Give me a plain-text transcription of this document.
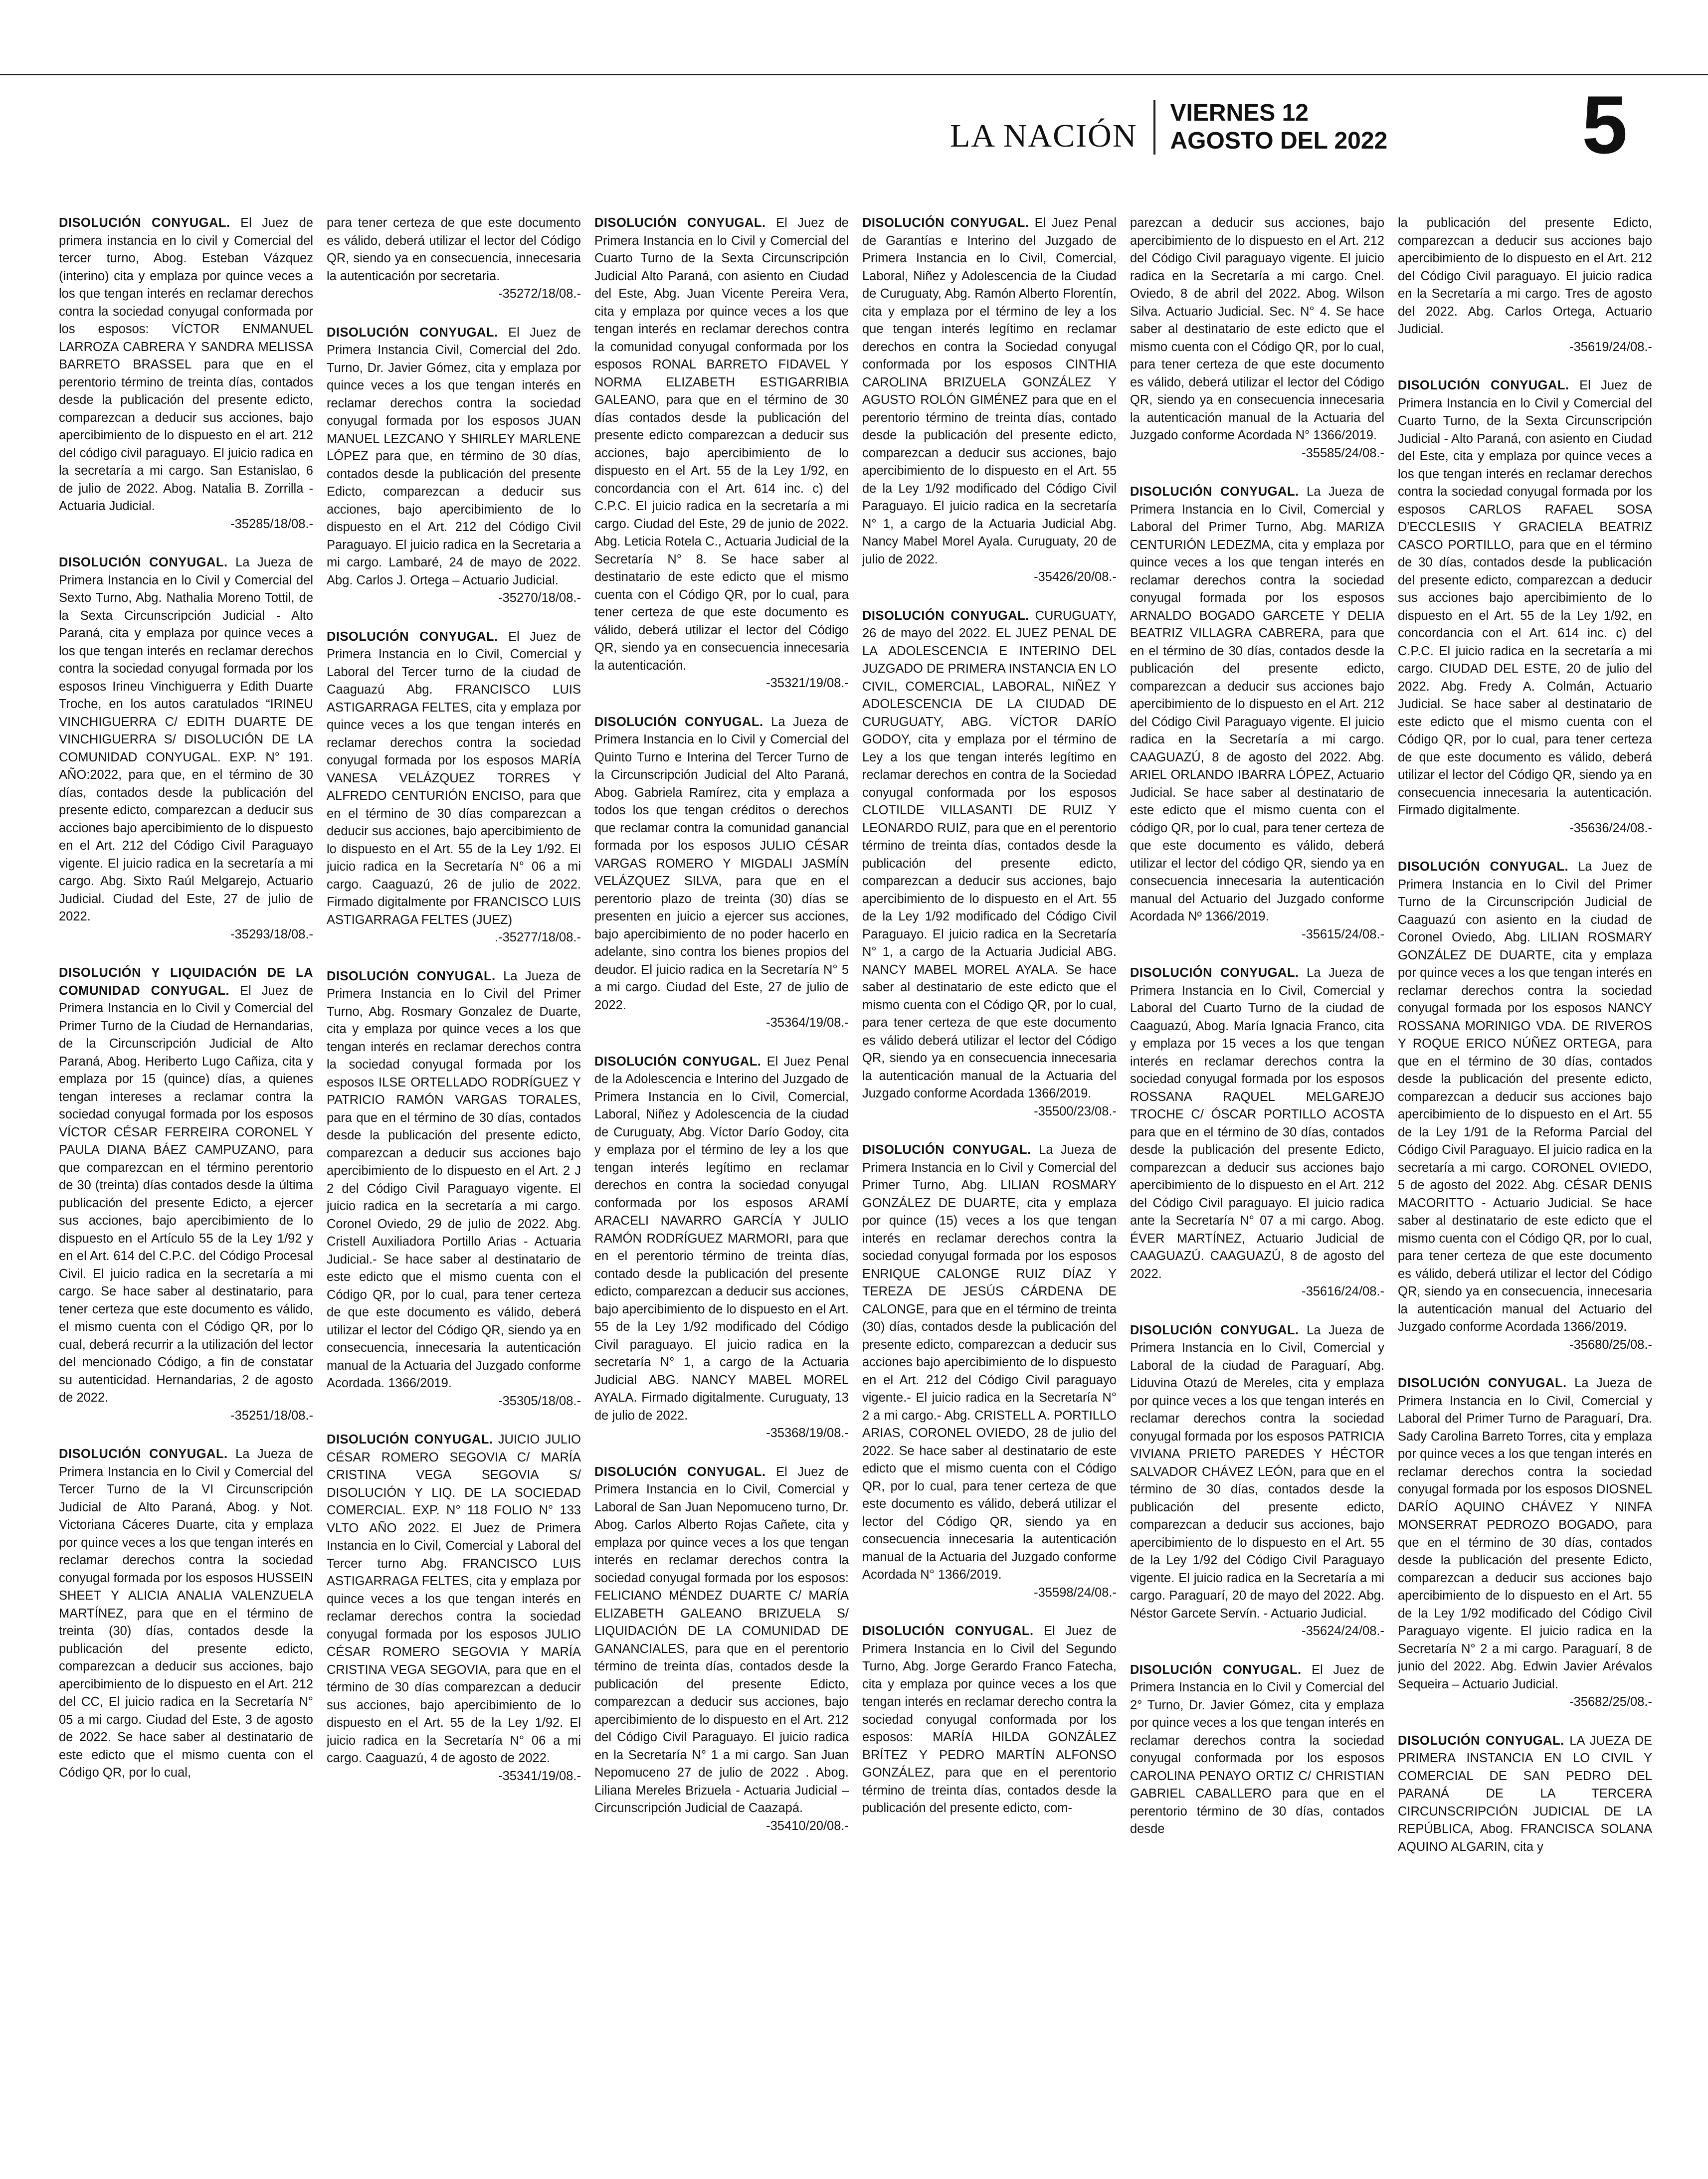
LA NACIÓN
VIERNES 12
AGOSTO DEL 2022 5
DISOLUCIÓN CONYUGAL. El Juez de primera instancia en lo civil y Comercial del tercer turno, Abog. Esteban Vázquez (interino) cita y emplaza por quince veces a los que tengan interés en reclamar derechos contra la sociedad conyugal conformada por los esposos: VÍCTOR ENMANUEL LARROZA CABRERA Y SANDRA MELISSA BARRETO BRASSEL para que en el perentorio término de treinta días, contados desde la publicación del presente edicto, comparezcan a deducir sus acciones, bajo apercibimiento de lo dispuesto en el art. 212 del código civil paraguayo. El juicio radica en la secretaría a mi cargo. San Estanislao, 6 de julio de 2022. Abog. Natalia B. Zorrilla - Actuaria Judicial.
-35285/18/08.-
DISOLUCIÓN CONYUGAL. La Jueza de Primera Instancia en lo Civil y Comercial del Sexto Turno, Abg. Nathalia Moreno Tottil, de la Sexta Circunscripción Judicial - Alto Paraná, cita y emplaza por quince veces a los que tengan interés en reclamar derechos contra la sociedad conyugal formada por los esposos Irineu Vinchiguerra y Edith Duarte Troche, en los autos caratulados “IRINEU VINCHIGUERRA C/ EDITH DUARTE DE VINCHIGUERRA S/ DISOLUCIÓN DE LA COMUNIDAD CONYUGAL. EXP. N° 191. AÑO:2022, para que, en el término de 30 días, contados desde la publicación del presente edicto, comparezcan a deducir sus acciones bajo apercibimiento de lo dispuesto en el Art. 212 del Código Civil Paraguayo vigente. El juicio radica en la secretaría a mi cargo. Abg. Sixto Raúl Melgarejo, Actuario Judicial. Ciudad del Este, 27 de julio de 2022.
-35293/18/08.-
DISOLUCIÓN Y LIQUIDACIÓN DE LA COMUNIDAD CONYUGAL. El Juez de Primera Instancia en lo Civil y Comercial del Primer Turno de la Ciudad de Hernandarias, de la Circunscripción Judicial de Alto Paraná, Abog. Heriberto Lugo Cañiza, cita y emplaza por 15 (quince) días, a quienes tengan intereses a reclamar contra la sociedad conyugal formada por los esposos VÍCTOR CÉSAR FERREIRA CORONEL Y PAULA DIANA BÁEZ CAMPUZANO, para que comparezcan en el término perentorio de 30 (treinta) días contados desde la última publicación del presente Edicto, a ejercer sus acciones, bajo apercibimiento de lo dispuesto en el Artículo 55 de la Ley 1/92 y en el Art. 614 del C.P.C. del Código Procesal Civil. El juicio radica en la secretaría a mi cargo. Se hace saber al destinatario, para tener certeza que este documento es válido, el mismo cuenta con el Código QR, por lo cual, deberá recurrir a la utilización del lector del mencionado Código, a fin de constatar su autenticidad. Hernandarias, 2 de agosto de 2022.
-35251/18/08.-
DISOLUCIÓN CONYUGAL. La Jueza de Primera Instancia en lo Civil y Comercial del Tercer Turno de la VI Circunscripción Judicial de Alto Paraná, Abog. y Not. Victoriana Cáceres Duarte, cita y emplaza por quince veces a los que tengan interés en reclamar derechos contra la sociedad conyugal formada por los esposos HUSSEIN SHEET Y ALICIA ANALIA VALENZUELA MARTÍNEZ, para que en el término de treinta (30) días, contados desde la publicación del presente edicto, comparezcan a deducir sus acciones, bajo apercibimiento de lo dispuesto en el Art. 212 del CC, El juicio radica en la Secretaría N° 05 a mi cargo. Ciudad del Este, 3 de agosto de 2022. Se hace saber al destinatario de este edicto que el mismo cuenta con el Código QR, por lo cual,
para tener certeza de que este documento es válido, deberá utilizar el lector del Código QR, siendo ya en consecuencia, innecesaria la autenticación por secretaria.
-35272/18/08.-
DISOLUCIÓN CONYUGAL. El Juez de Primera Instancia Civil, Comercial del 2do. Turno, Dr. Javier Gómez, cita y emplaza por quince veces a los que tengan interés en reclamar derechos contra la sociedad conyugal formada por los esposos JUAN MANUEL LEZCANO Y SHIRLEY MARLENE LÓPEZ para que, en término de 30 días, contados desde la publicación del presente Edicto, comparezcan a deducir sus acciones, bajo apercibimiento de lo dispuesto en el Art. 212 del Código Civil Paraguayo. El juicio radica en la Secretaria a mi cargo. Lambaré, 24 de mayo de 2022. Abg. Carlos J. Ortega – Actuario Judicial.
-35270/18/08.-
DISOLUCIÓN CONYUGAL. El Juez de Primera Instancia en lo Civil, Comercial y Laboral del Tercer turno de la ciudad de Caaguazú Abg. FRANCISCO LUIS ASTIGARRAGA FELTES, cita y emplaza por quince veces a los que tengan interés en reclamar derechos contra la sociedad conyugal formada por los esposos MARÍA VANESA VELÁZQUEZ TORRES Y ALFREDO CENTURIÓN ENCISO, para que en el término de 30 días comparezcan a deducir sus acciones, bajo apercibimiento de lo dispuesto en el Art. 55 de la Ley 1/92. El juicio radica en la Secretaría N° 06 a mi cargo. Caaguazú, 26 de julio de 2022. Firmado digitalmente por FRANCISCO LUIS ASTIGARRAGA FELTES (JUEZ)
.-35277/18/08.-
DISOLUCIÓN CONYUGAL. La Jueza de Primera Instancia en lo Civil del Primer Turno, Abg. Rosmary Gonzalez de Duarte, cita y emplaza por quince veces a los que tengan interés en reclamar derechos contra la sociedad conyugal formada por los esposos ILSE ORTELLADO RODRÍGUEZ Y PATRICIO RAMÓN VARGAS TORALES, para que en el término de 30 días, contados desde la publicación del presente edicto, comparezcan a deducir sus acciones bajo apercibimiento de lo dispuesto en el Art. 2 J 2 del Código Civil Paraguayo vigente. El juicio radica en la secretaría a mi cargo. Coronel Oviedo, 29 de julio de 2022. Abg. Cristell Auxiliadora Portillo Arias - Actuaria Judicial.- Se hace saber al destinatario de este edicto que el mismo cuenta con el Código QR, por lo cual, para tener certeza de que este documento es válido, deberá utilizar el lector del Código QR, siendo ya en consecuencia, innecesaria la autenticación manual de la Actuaria del Juzgado conforme Acordada. 1366/2019.
-35305/18/08.-
DISOLUCIÓN CONYUGAL. JUICIO JULIO CÉSAR ROMERO SEGOVIA C/ MARÍA CRISTINA VEGA SEGOVIA S/ DISOLUCIÓN Y LIQ. DE LA SOCIEDAD COMERCIAL. EXP. N° 118 FOLIO N° 133 VLTO AÑO 2022. El Juez de Primera Instancia en lo Civil, Comercial y Laboral del Tercer turno Abg. FRANCISCO LUIS ASTIGARRAGA FELTES, cita y emplaza por quince veces a los que tengan interés en reclamar derechos contra la sociedad conyugal formada por los esposos JULIO CÉSAR ROMERO SEGOVIA Y MARÍA CRISTINA VEGA SEGOVIA, para que en el término de 30 días comparezcan a deducir sus acciones, bajo apercibimiento de lo dispuesto en el Art. 55 de la Ley 1/92. El juicio radica en la Secretaría N° 06 a mi cargo. Caaguazú, 4 de agosto de 2022.
-35341/19/08.-
DISOLUCIÓN CONYUGAL. El Juez de Primera Instancia en lo Civil y Comercial del Cuarto Turno de la Sexta Circunscripción Judicial Alto Paraná, con asiento en Ciudad del Este, Abg. Juan Vicente Pereira Vera, cita y emplaza por quince veces a los que tengan interés en reclamar derechos contra la comunidad conyugal conformada por los esposos RONAL BARRETO FIDAVEL Y NORMA ELIZABETH ESTIGARRIBIA GALEANO, para que en el término de 30 días contados desde la publicación del presente edicto comparezcan a deducir sus acciones, bajo apercibimiento de lo dispuesto en el Art. 55 de la Ley 1/92, en concordancia con el Art. 614 inc. c) del C.P.C. El juicio radica en la secretaría a mi cargo. Ciudad del Este, 29 de junio de 2022. Abg. Leticia Rotela C., Actuaria Judicial de la Secretaría N° 8. Se hace saber al destinatario de este edicto que el mismo cuenta con el Código QR, por lo cual, para tener certeza de que este documento es válido, deberá utilizar el lector del Código QR, siendo ya en consecuencia innecesaria la autenticación.
-35321/19/08.-
DISOLUCIÓN CONYUGAL. La Jueza de Primera Instancia en lo Civil y Comercial del Quinto Turno e Interina del Tercer Turno de la Circunscripción Judicial del Alto Paraná, Abog. Gabriela Ramírez, cita y emplaza a todos los que tengan créditos o derechos que reclamar contra la comunidad ganancial formada por los esposos JULIO CÉSAR VARGAS ROMERO Y MIGDALI JASMÍN VELÁZQUEZ SILVA, para que en el perentorio plazo de treinta (30) días se presenten en juicio a ejercer sus acciones, bajo apercibimiento de no poder hacerlo en adelante, sino contra los bienes propios del deudor. El juicio radica en la Secretaría N° 5 a mi cargo. Ciudad del Este, 27 de julio de 2022.
-35364/19/08.-
DISOLUCIÓN CONYUGAL. El Juez Penal de la Adolescencia e Interino del Juzgado de Primera Instancia en lo Civil, Comercial, Laboral, Niñez y Adolescencia de la ciudad de Curuguaty, Abg. Víctor Darío Godoy, cita y emplaza por el término de ley a los que tengan interés legítimo en reclamar derechos en contra la sociedad conyugal conformada por los esposos ARAMÍ ARACELI NAVARRO GARCÍA Y JULIO RAMÓN RODRÍGUEZ MARMORI, para que en el perentorio término de treinta días, contado desde la publicación del presente edicto, comparezcan a deducir sus acciones, bajo apercibimiento de lo dispuesto en el Art. 55 de la Ley 1/92 modificado del Código Civil paraguayo. El juicio radica en la secretaría N° 1, a cargo de la Actuaria Judicial ABG. NANCY MABEL MOREL AYALA. Firmado digitalmente. Curuguaty, 13 de julio de 2022.
-35368/19/08.-
DISOLUCIÓN CONYUGAL. El Juez de Primera Instancia en lo Civil, Comercial y Laboral de San Juan Nepomuceno turno, Dr. Abog. Carlos Alberto Rojas Cañete, cita y emplaza por quince veces a los que tengan interés en reclamar derechos contra la sociedad conyugal formada por los esposos: FELICIANO MÉNDEZ DUARTE C/ MARÍA ELIZABETH GALEANO BRIZUELA S/ LIQUIDACIÓN DE LA COMUNIDAD DE GANANCIALES, para que en el perentorio término de treinta días, contados desde la publicación del presente Edicto, comparezcan a deducir sus acciones, bajo apercibimiento de lo dispuesto en el Art. 212 del Código Civil Paraguayo. El juicio radica en la Secretaría N° 1 a mi cargo. San Juan Nepomuceno 27 de julio de 2022 . Abog. Liliana Mereles Brizuela - Actuaria Judicial – Circunscripción Judicial de Caazapá.
-35410/20/08.-
DISOLUCIÓN CONYUGAL. El Juez Penal de Garantías e Interino del Juzgado de Primera Instancia en lo Civil, Comercial, Laboral, Niñez y Adolescencia de la Ciudad de Curuguaty, Abg. Ramón Alberto Florentín, cita y emplaza por el término de ley a los que tengan interés legítimo en reclamar derechos en contra la Sociedad conyugal conformada por los esposos CINTHIA CAROLINA BRIZUELA GONZÁLEZ Y AGUSTO ROLÓN GIMÉNEZ para que en el perentorio término de treinta días, contado desde la publicación del presente edicto, comparezcan a deducir sus acciones, bajo apercibimiento de lo dispuesto en el Art. 55 de la Ley 1/92 modificado del Código Civil Paraguayo. El juicio radica en la secretaría N° 1, a cargo de la Actuaria Judicial Abg. Nancy Mabel Morel Ayala. Curuguaty, 20 de julio de 2022.
-35426/20/08.-
DISOLUCIÓN CONYUGAL. CURUGUATY, 26 de mayo del 2022. EL JUEZ PENAL DE LA ADOLESCENCIA E INTERINO DEL JUZGADO DE PRIMERA INSTANCIA EN LO CIVIL, COMERCIAL, LABORAL, NIÑEZ Y ADOLESCENCIA DE LA CIUDAD DE CURUGUATY, ABG. VÍCTOR DARÍO GODOY, cita y emplaza por el término de Ley a los que tengan interés legítimo en reclamar derechos en contra de la Sociedad conyugal conformada por los esposos CLOTILDE VILLASANTI DE RUIZ Y LEONARDO RUIZ, para que en el perentorio término de treinta días, contados desde la publicación del presente edicto, comparezcan a deducir sus acciones, bajo apercibimiento de lo dispuesto en el Art. 55 de la Ley 1/92 modificado del Código Civil Paraguayo. El juicio radica en la Secretaría N° 1, a cargo de la Actuaria Judicial ABG. NANCY MABEL MOREL AYALA. Se hace saber al destinatario de este edicto que el mismo cuenta con el Código QR, por lo cual, para tener certeza de que este documento es válido deberá utilizar el lector del Código QR, siendo ya en consecuencia innecesaria la autenticación manual de la Actuaria del Juzgado conforme Acordada 1366/2019.
-35500/23/08.-
DISOLUCIÓN CONYUGAL. La Jueza de Primera Instancia en lo Civil y Comercial del Primer Turno, Abg. LILIAN ROSMARY GONZÁLEZ DE DUARTE, cita y emplaza por quince (15) veces a los que tengan interés en reclamar derechos contra la sociedad conyugal formada por los esposos ENRIQUE CALONGE RUIZ DÍAZ Y TEREZA DE JESÚS CÁRDENA DE CALONGE, para que en el término de treinta (30) días, contados desde la publicación del presente edicto, comparezcan a deducir sus acciones bajo apercibimiento de lo dispuesto en el Art. 212 del Código Civil paraguayo vigente.- El juicio radica en la Secretaría N° 2 a mi cargo.- Abg. CRISTELL A. PORTILLO ARIAS, CORONEL OVIEDO, 28 de julio del 2022. Se hace saber al destinatario de este edicto que el mismo cuenta con el Código QR, por lo cual, para tener certeza de que este documento es válido, deberá utilizar el lector del Código QR, siendo ya en consecuencia innecesaria la autenticación manual de la Actuaria del Juzgado conforme Acordada N° 1366/2019.
-35598/24/08.-
DISOLUCIÓN CONYUGAL. El Juez de Primera Instancia en lo Civil del Segundo Turno, Abg. Jorge Gerardo Franco Fatecha, cita y emplaza por quince veces a los que tengan interés en reclamar derecho contra la sociedad conyugal conformada por los esposos: MARÍA HILDA GONZÁLEZ BRÍTEZ Y PEDRO MARTÍN ALFONSO GONZÁLEZ, para que en el perentorio término de treinta días, contados desde la publicación del presente edicto, com-
parezcan a deducir sus acciones, bajo apercibimiento de lo dispuesto en el Art. 212 del Código Civil paraguayo vigente. El juicio radica en la Secretaría a mi cargo. Cnel. Oviedo, 8 de abril del 2022. Abog. Wilson Silva. Actuario Judicial. Sec. N° 4. Se hace saber al destinatario de este edicto que el mismo cuenta con el Código QR, por lo cual, para tener certeza de que este documento es válido, deberá utilizar el lector del Código QR, siendo ya en consecuencia innecesaria la autenticación manual de la Actuaria del Juzgado conforme Acordada N° 1366/2019.
-35585/24/08.-
DISOLUCIÓN CONYUGAL. La Jueza de Primera Instancia en lo Civil, Comercial y Laboral del Primer Turno, Abg. MARIZA CENTURIÓN LEDEZMA, cita y emplaza por quince veces a los que tengan interés en reclamar derechos contra la sociedad conyugal formada por los esposos ARNALDO BOGADO GARCETE Y DELIA BEATRIZ VILLAGRA CABRERA, para que en el término de 30 días, contados desde la publicación del presente edicto, comparezcan a deducir sus acciones bajo apercibimiento de lo dispuesto en el Art. 212 del Código Civil Paraguayo vigente. El juicio radica en la Secretaría a mi cargo. CAAGUAZÚ, 8 de agosto del 2022. Abg. ARIEL ORLANDO IBARRA LÓPEZ, Actuario Judicial. Se hace saber al destinatario de este edicto que el mismo cuenta con el código QR, por lo cual, para tener certeza de que este documento es válido, deberá utilizar el lector del código QR, siendo ya en consecuencia innecesaria la autenticación manual del Actuario del Juzgado conforme Acordada Nº 1366/2019.
-35615/24/08.-
DISOLUCIÓN CONYUGAL. La Jueza de Primera Instancia en lo Civil, Comercial y Laboral del Cuarto Turno de la ciudad de Caaguazú, Abog. María Ignacia Franco, cita y emplaza por 15 veces a los que tengan interés en reclamar derechos contra la sociedad conyugal formada por los esposos ROSSANA RAQUEL MELGAREJO TROCHE C/ ÓSCAR PORTILLO ACOSTA para que en el término de 30 días, contados desde la publicación del presente Edicto, comparezcan a deducir sus acciones bajo apercibimiento de lo dispuesto en el Art. 212 del Código Civil paraguayo. El juicio radica ante la Secretaría N° 07 a mi cargo. Abog. ÉVER MARTÍNEZ, Actuario Judicial de CAAGUAZÚ. CAAGUAZÚ, 8 de agosto del 2022.
-35616/24/08.-
DISOLUCIÓN CONYUGAL. La Jueza de Primera Instancia en lo Civil, Comercial y Laboral de la ciudad de Paraguarí, Abg. Liduvina Otazú de Mereles, cita y emplaza por quince veces a los que tengan interés en reclamar derechos contra la sociedad conyugal formada por los esposos PATRICIA VIVIANA PRIETO PAREDES Y HÉCTOR SALVADOR CHÁVEZ LEÓN, para que en el término de 30 días, contados desde la publicación del presente edicto, comparezcan a deducir sus acciones, bajo apercibimiento de lo dispuesto en el Art. 55 de la Ley 1/92 del Código Civil Paraguayo vigente. El juicio radica en la Secretaría a mi cargo. Paraguarí, 20 de mayo del 2022. Abg. Néstor Garcete Servín. - Actuario Judicial.
-35624/24/08.-
DISOLUCIÓN CONYUGAL. El Juez de Primera Instancia en lo Civil y Comercial del 2° Turno, Dr. Javier Gómez, cita y emplaza por quince veces a los que tengan interés en reclamar derechos contra la sociedad conyugal conformada por los esposos CAROLINA PENAYO ORTIZ C/ CHRISTIAN GABRIEL CABALLERO para que en el perentorio término de 30 días, contados desde
la publicación del presente Edicto, comparezcan a deducir sus acciones bajo apercibimiento de lo dispuesto en el Art. 212 del Código Civil paraguayo. El juicio radica en la Secretaría a mi cargo. Tres de agosto del 2022. Abg. Carlos Ortega, Actuario Judicial.
-35619/24/08.-
DISOLUCIÓN CONYUGAL. El Juez de Primera Instancia en lo Civil y Comercial del Cuarto Turno, de la Sexta Circunscripción Judicial - Alto Paraná, con asiento en Ciudad del Este, cita y emplaza por quince veces a los que tengan interés en reclamar derechos contra la sociedad conyugal formada por los esposos CARLOS RAFAEL SOSA D'ECCLESIIS Y GRACIELA BEATRIZ CASCO PORTILLO, para que en el término de 30 días, contados desde la publicación del presente edicto, comparezcan a deducir sus acciones bajo apercibimiento de lo dispuesto en el Art. 55 de la Ley 1/92, en concordancia con el Art. 614 inc. c) del C.P.C. El juicio radica en la secretaría a mi cargo. CIUDAD DEL ESTE, 20 de julio del 2022. Abg. Fredy A. Colmán, Actuario Judicial. Se hace saber al destinatario de este edicto que el mismo cuenta con el Código QR, por lo cual, para tener certeza de que este documento es válido, deberá utilizar el lector del Código QR, siendo ya en consecuencia innecesaria la autenticación. Firmado digitalmente.
-35636/24/08.-
DISOLUCIÓN CONYUGAL. La Juez de Primera Instancia en lo Civil del Primer Turno de la Circunscripción Judicial de Caaguazú con asiento en la ciudad de Coronel Oviedo, Abg. LILIAN ROSMARY GONZÁLEZ DE DUARTE, cita y emplaza por quince veces a los que tengan interés en reclamar derechos contra la sociedad conyugal formada por los esposos NANCY ROSSANA MORINIGO VDA. DE RIVEROS Y ROQUE ERICO NÚÑEZ ORTEGA, para que en el término de 30 días, contados desde la publicación del presente edicto, comparezcan a deducir sus acciones bajo apercibimiento de lo dispuesto en el Art. 55 de la Ley 1/91 de la Reforma Parcial del Código Civil Paraguayo. El juicio radica en la secretaría a mi cargo. CORONEL OVIEDO, 5 de agosto del 2022. Abg. CÉSAR DENIS MACORITTO - Actuario Judicial. Se hace saber al destinatario de este edicto que el mismo cuenta con el Código QR, por lo cual, para tener certeza de que este documento es válido, deberá utilizar el lector del Código QR, siendo ya en consecuencia, innecesaria la autenticación manual del Actuario del Juzgado conforme Acordada 1366/2019.
-35680/25/08.-
DISOLUCIÓN CONYUGAL. La Jueza de Primera Instancia en lo Civil, Comercial y Laboral del Primer Turno de Paraguarí, Dra. Sady Carolina Barreto Torres, cita y emplaza por quince veces a los que tengan interés en reclamar derechos contra la sociedad conyugal formada por los esposos DIOSNEL DARÍO AQUINO CHÁVEZ Y NINFA MONSERRAT PEDROZO BOGADO, para que en el término de 30 días, contados desde la publicación del presente Edicto, comparezcan a deducir sus acciones bajo apercibimiento de lo dispuesto en el Art. 55 de la Ley 1/92 modificado del Código Civil Paraguayo vigente. El juicio radica en la Secretaría N° 2 a mi cargo. Paraguarí, 8 de junio del 2022. Abg. Edwin Javier Arévalos Sequeira – Actuario Judicial.
-35682/25/08.-
DISOLUCIÓN CONYUGAL. LA JUEZA DE PRIMERA INSTANCIA EN LO CIVIL Y COMERCIAL DE SAN PEDRO DEL PARANÁ DE LA TERCERA CIRCUNSCRIPCIÓN JUDICIAL DE LA REPÚBLICA, Abog. FRANCISCA SOLANA AQUINO ALGARIN, cita y
